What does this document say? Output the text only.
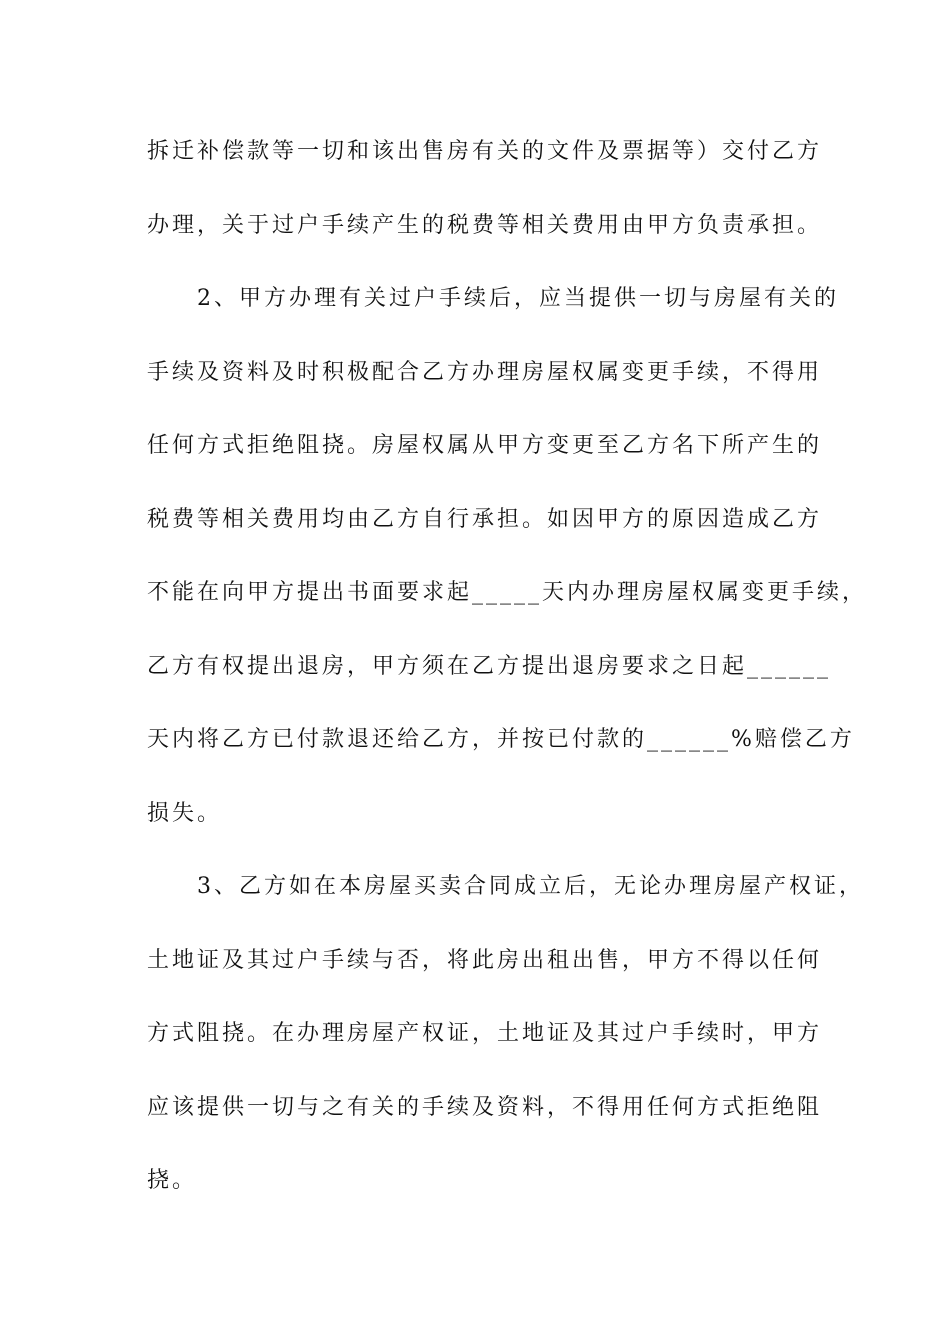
拆迁补偿款等一切和该出售房有关的文件及票据等）交付乙方
办理，关于过户手续产生的税费等相关费用由甲方负责承担。
　　2、甲方办理有关过户手续后，应当提供一切与房屋有关的
手续及资料及时积极配合乙方办理房屋权属变更手续，不得用
任何方式拒绝阻挠。房屋权属从甲方变更至乙方名下所产生的
税费等相关费用均由乙方自行承担。如因甲方的原因造成乙方
不能在向甲方提出书面要求起_____天内办理房屋权属变更手续，
乙方有权提出退房，甲方须在乙方提出退房要求之日起______
天内将乙方已付款退还给乙方，并按已付款的______%赔偿乙方
损失。
　　3、乙方如在本房屋买卖合同成立后，无论办理房屋产权证，
土地证及其过户手续与否，将此房出租出售，甲方不得以任何
方式阻挠。在办理房屋产权证，土地证及其过户手续时，甲方
应该提供一切与之有关的手续及资料，不得用任何方式拒绝阻
挠。
